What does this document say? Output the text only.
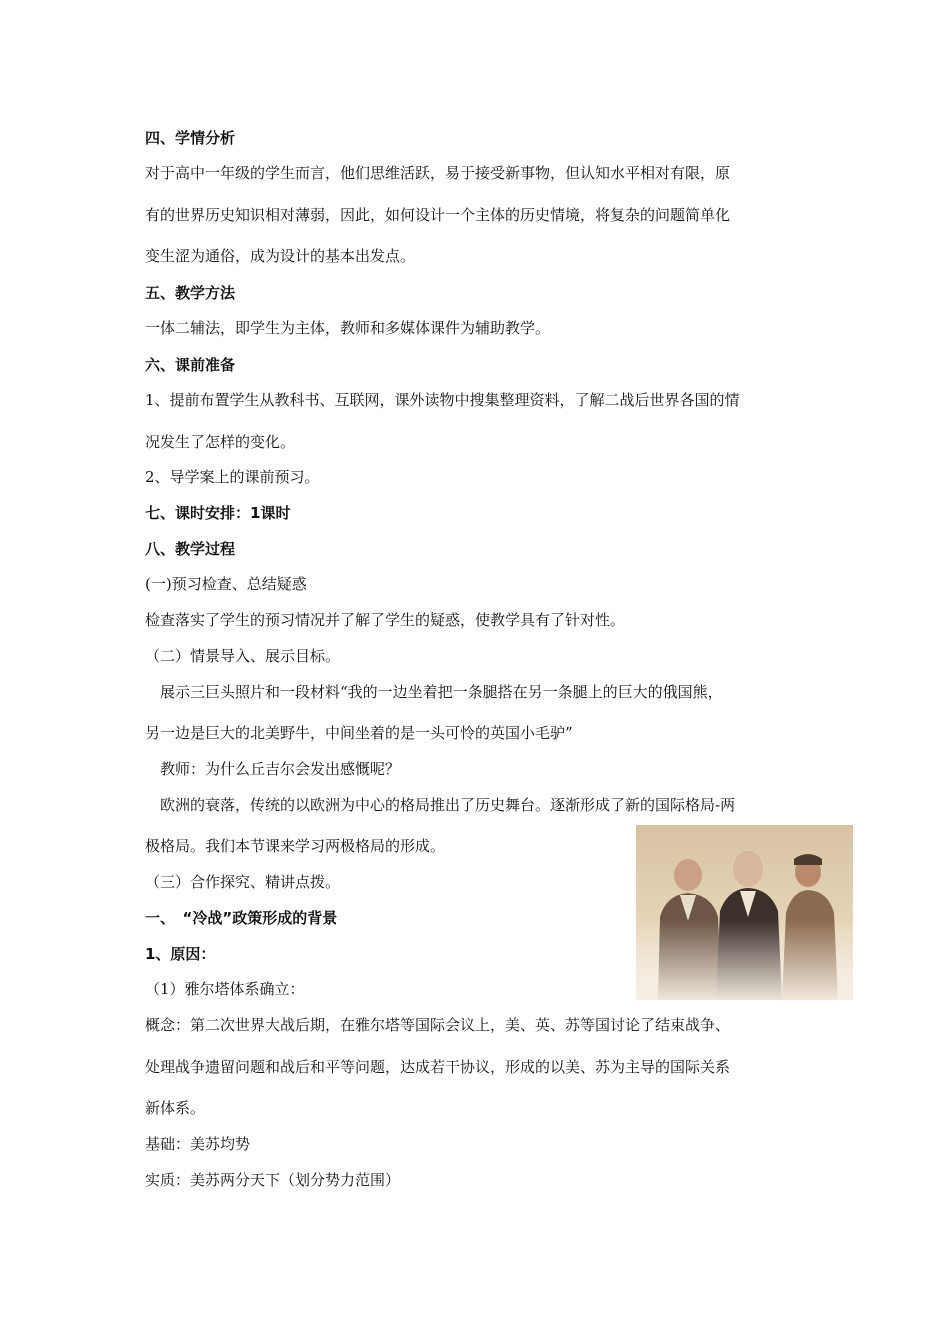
四、学情分析
对于高中一年级的学生而言，他们思维活跃，易于接受新事物，但认知水平相对有限，原
有的世界历史知识相对薄弱，因此，如何设计一个主体的历史情境，将复杂的问题简单化
变生涩为通俗，成为设计的基本出发点。
五、教学方法
一体二辅法，即学生为主体，教师和多媒体课件为辅助教学。
六、课前准备
1、提前布置学生从教科书、互联网，课外读物中搜集整理资料，了解二战后世界各国的情
况发生了怎样的变化。
2、导学案上的课前预习。
七、课时安排：1课时
八、教学过程
(一)预习检查、总结疑惑
检查落实了学生的预习情况并了解了学生的疑惑，使教学具有了针对性。
（二）情景导入、展示目标。
展示三巨头照片和一段材料“我的一边坐着把一条腿搭在另一条腿上的巨大的俄国熊，
另一边是巨大的北美野牛，中间坐着的是一头可怜的英国小毛驴”
教师：为什么丘吉尔会发出感慨呢？
欧洲的衰落，传统的以欧洲为中心的格局推出了历史舞台。逐渐形成了新的国际格局-两
极格局。我们本节课来学习两极格局的形成。
（三）合作探究、精讲点拨。
一、　“冷战”政策形成的背景
1、原因：
（1）雅尔塔体系确立：
概念：第二次世界大战后期，在雅尔塔等国际会议上，美、英、苏等国讨论了结束战争、
处理战争遗留问题和战后和平等问题，达成若干协议，形成的以美、苏为主导的国际关系
新体系。
基础：美苏均势
实质：美苏两分天下（划分势力范围）
